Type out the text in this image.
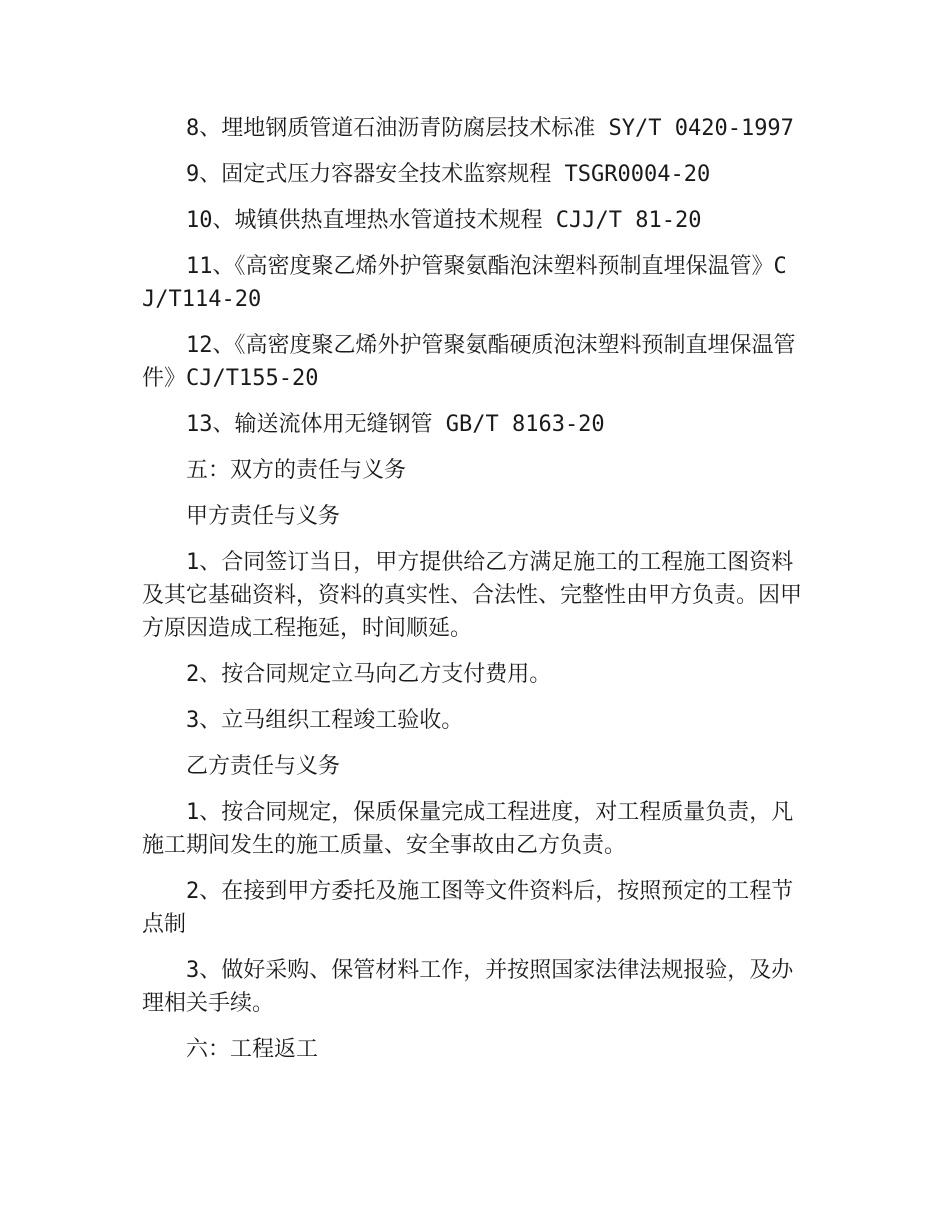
8、埋地钢质管道石油沥青防腐层技术标准 SY/T 0420-1997

9、固定式压力容器安全技术监察规程 TSGR0004-20

10、城镇供热直埋热水管道技术规程 CJJ/T 81-20

11、《高密度聚乙烯外护管聚氨酯泡沫塑料预制直埋保温管》CJ/T114-20

12、《高密度聚乙烯外护管聚氨酯硬质泡沫塑料预制直埋保温管件》CJ/T155-20

13、输送流体用无缝钢管 GB/T 8163-20

五：双方的责任与义务

甲方责任与义务

1、合同签订当日，甲方提供给乙方满足施工的工程施工图资料及其它基础资料，资料的真实性、合法性、完整性由甲方负责。因甲方原因造成工程拖延，时间顺延。

2、按合同规定立马向乙方支付费用。

3、立马组织工程竣工验收。

乙方责任与义务

1、按合同规定，保质保量完成工程进度，对工程质量负责，凡施工期间发生的施工质量、安全事故由乙方负责。

2、在接到甲方委托及施工图等文件资料后，按照预定的工程节点制

3、做好采购、保管材料工作，并按照国家法律法规报验，及办理相关手续。

六：工程返工
